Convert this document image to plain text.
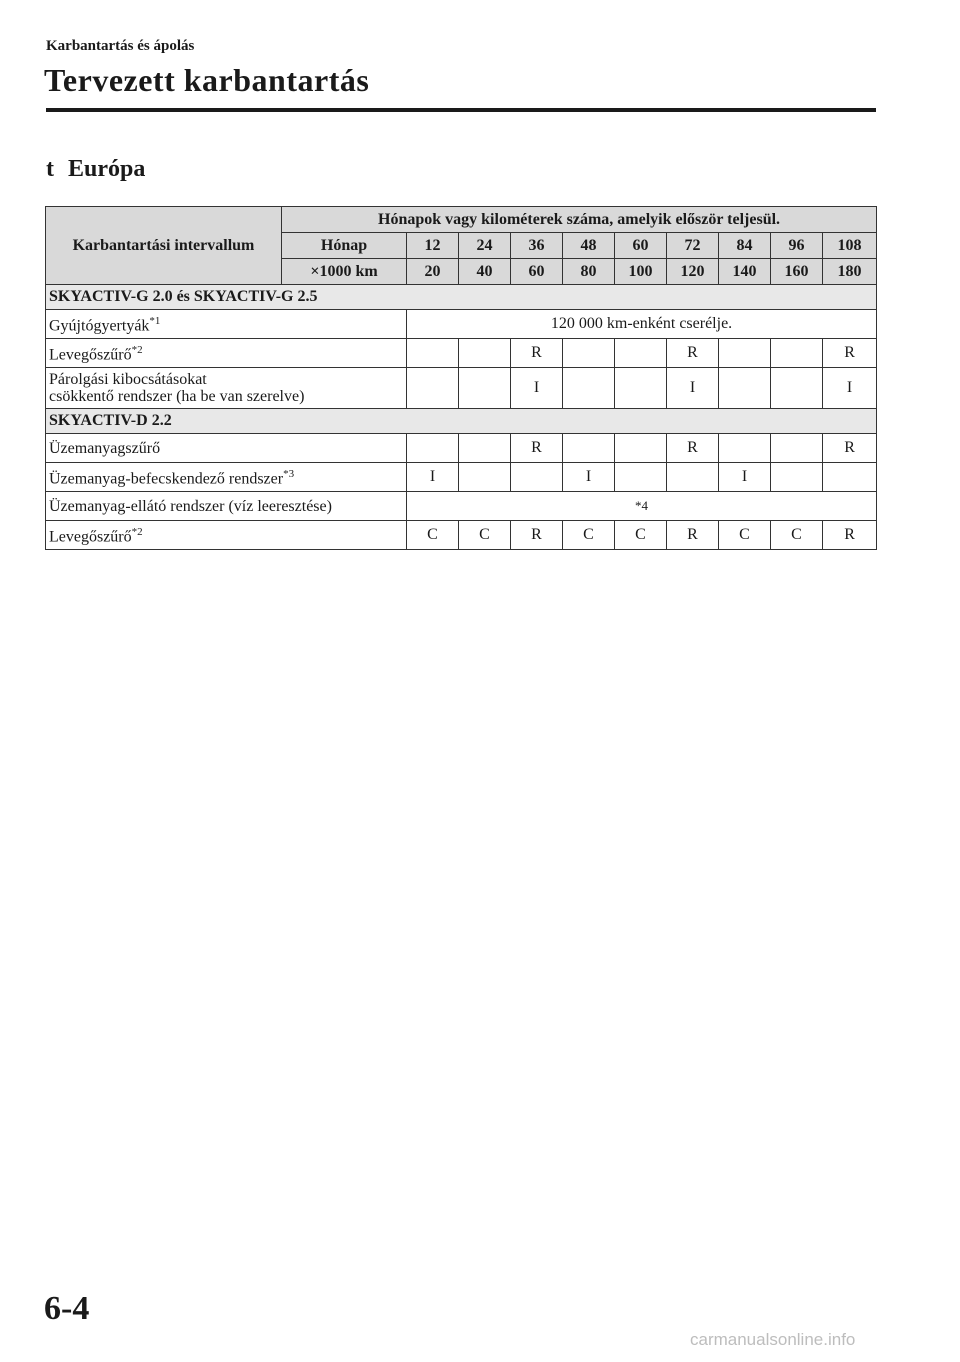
Karbantartás és ápolás
Tervezett karbantartás
t Európa
Karbantartási intervallum	Hónapok vagy kilométerek száma, amelyik először teljesül.									
	Hónap	12	24	36	48	60	72	84	96	108
	×1000 km	20	40	60	80	100	120	140	160	180
SKYACTIV-G 2.0 és SKYACTIV-G 2.5										
Gyújtógyertyák$^{*1}$		120 000 km-enként cserélje.								
Levegőszűrő$^{*2}$				R			R			R
Párolgási kibocsátásokat
csökkentő rendszer (ha be van szerelve)				I			I			I
SKYACTIV-D 2.2										
Üzemanyagszűrő				R			R			R
Üzemanyag-befecskendező rendszer$^{*3}$		I			I			I		
Üzemanyag-ellátó rendszer (víz leeresztése)		*4								
Levegőszűrő$^{*2}$		C	C	R	C	C	R	C	C	R
6-4
carmanualsonline.info
